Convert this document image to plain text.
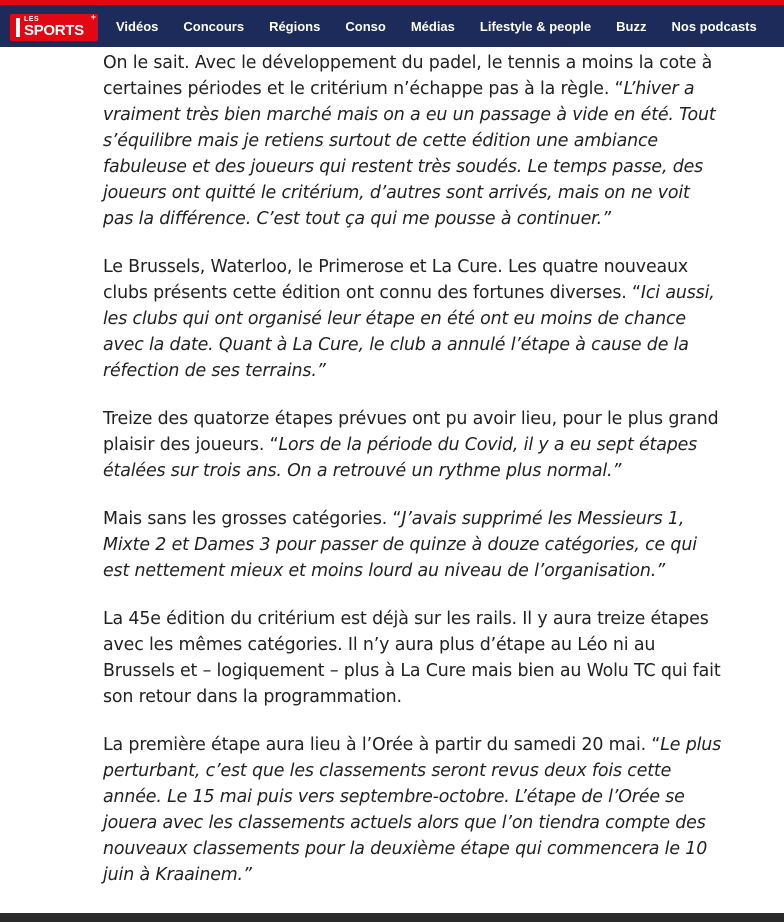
LES
SPORTS
+
Vidéos Concours Régions Conso Médias Lifestyle & people Buzz Nos podcasts

On le sait. Avec le développement du padel, le tennis a moins la cote à certaines périodes et le critérium n’échappe pas à la règle. “L’hiver a vraiment très bien marché mais on a eu un passage à vide en été. Tout s’équilibre mais je retiens surtout de cette édition une ambiance fabuleuse et des joueurs qui restent très soudés. Le temps passe, des joueurs ont quitté le critérium, d’autres sont arrivés, mais on ne voit pas la différence. C’est tout ça qui me pousse à continuer.”

Le Brussels, Waterloo, le Primerose et La Cure. Les quatre nouveaux clubs présents cette édition ont connu des fortunes diverses. “Ici aussi, les clubs qui ont organisé leur étape en été ont eu moins de chance avec la date. Quant à La Cure, le club a annulé l’étape à cause de la réfection de ses terrains.”

Treize des quatorze étapes prévues ont pu avoir lieu, pour le plus grand plaisir des joueurs. “Lors de la période du Covid, il y a eu sept étapes étalées sur trois ans. On a retrouvé un rythme plus normal.”

Mais sans les grosses catégories. “J’avais supprimé les Messieurs 1, Mixte 2 et Dames 3 pour passer de quinze à douze catégories, ce qui est nettement mieux et moins lourd au niveau de l’organisation.”

La 45e édition du critérium est déjà sur les rails. Il y aura treize étapes avec les mêmes catégories. Il n’y aura plus d’étape au Léo ni au Brussels et – logiquement – plus à La Cure mais bien au Wolu TC qui fait son retour dans la programmation.

La première étape aura lieu à l’Orée à partir du samedi 20 mai. “Le plus perturbant, c’est que les classements seront revus deux fois cette année. Le 15 mai puis vers septembre-octobre. L’étape de l’Orée se jouera avec les classements actuels alors que l’on tiendra compte des nouveaux classements pour la deuxième étape qui commencera le 10 juin à Kraainem.”
